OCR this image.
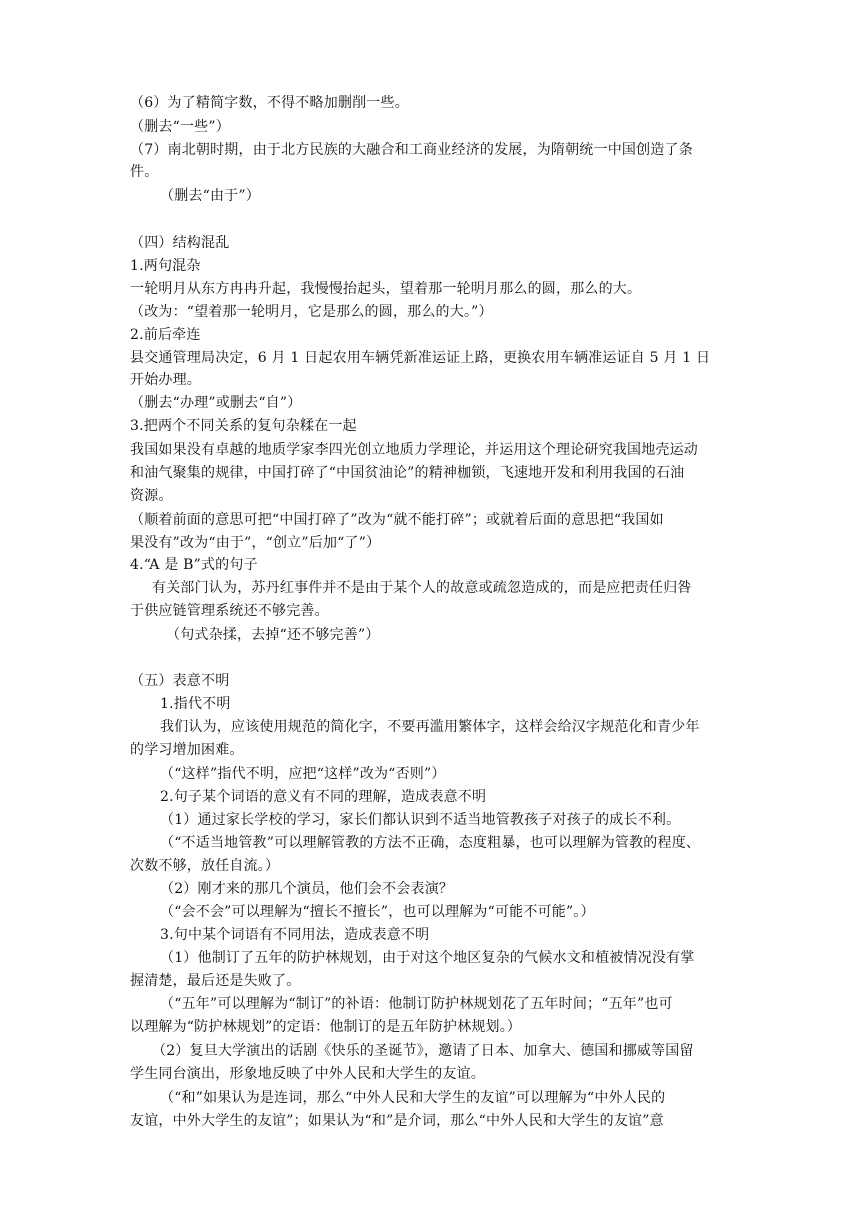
（6）为了精简字数，不得不略加删削一些。
（删去“一些”）
（7）南北朝时期，由于北方民族的大融合和工商业经济的发展，为隋朝统一中国创造了条
件。
（删去“由于”）
（四）结构混乱
1.两句混杂
一轮明月从东方冉冉升起，我慢慢抬起头，望着那一轮明月那么的圆，那么的大。
（改为：“望着那一轮明月，它是那么的圆，那么的大。”）
2.前后牵连
县交通管理局决定，6 月 1 日起农用车辆凭新准运证上路，更换农用车辆准运证自 5 月 1 日
开始办理。
（删去“办理”或删去“自”）
3.把两个不同关系的复句杂糅在一起
我国如果没有卓越的地质学家李四光创立地质力学理论，并运用这个理论研究我国地壳运动
和油气聚集的规律，中国打碎了“中国贫油论”的精神枷锁，飞速地开发和利用我国的石油
资源。
（顺着前面的意思可把“中国打碎了”改为“就不能打碎”；或就着后面的意思把“我国如
果没有”改为“由于”，“创立”后加“了”）
4.“A 是 B”式的句子
有关部门认为，苏丹红事件并不是由于某个人的故意或疏忽造成的，而是应把责任归咎
于供应链管理系统还不够完善。
（句式杂揉，去掉“还不够完善”）
（五）表意不明
1.指代不明
我们认为，应该使用规范的简化字，不要再滥用繁体字，这样会给汉字规范化和青少年
的学习增加困难。
（“这样”指代不明，应把“这样”改为“否则”）
2.句子某个词语的意义有不同的理解，造成表意不明
（1）通过家长学校的学习，家长们都认识到不适当地管教孩子对孩子的成长不利。
（“不适当地管教”可以理解管教的方法不正确，态度粗暴，也可以理解为管教的程度、
次数不够，放任自流。）
（2）刚才来的那几个演员，他们会不会表演？
（“会不会”可以理解为“擅长不擅长”，也可以理解为“可能不可能”。）
3.句中某个词语有不同用法，造成表意不明
（1）他制订了五年的防护林规划，由于对这个地区复杂的气候水文和植被情况没有掌
握清楚，最后还是失败了。
（“五年”可以理解为“制订”的补语：他制订防护林规划花了五年时间；“五年”也可
以理解为“防护林规划”的定语：他制订的是五年防护林规划。）
（2）复旦大学演出的话剧《快乐的圣诞节》，邀请了日本、加拿大、德国和挪威等国留
学生同台演出，形象地反映了中外人民和大学生的友谊。
（“和”如果认为是连词，那么“中外人民和大学生的友谊”可以理解为“中外人民的
友谊，中外大学生的友谊”；如果认为“和”是介词，那么“中外人民和大学生的友谊”意
